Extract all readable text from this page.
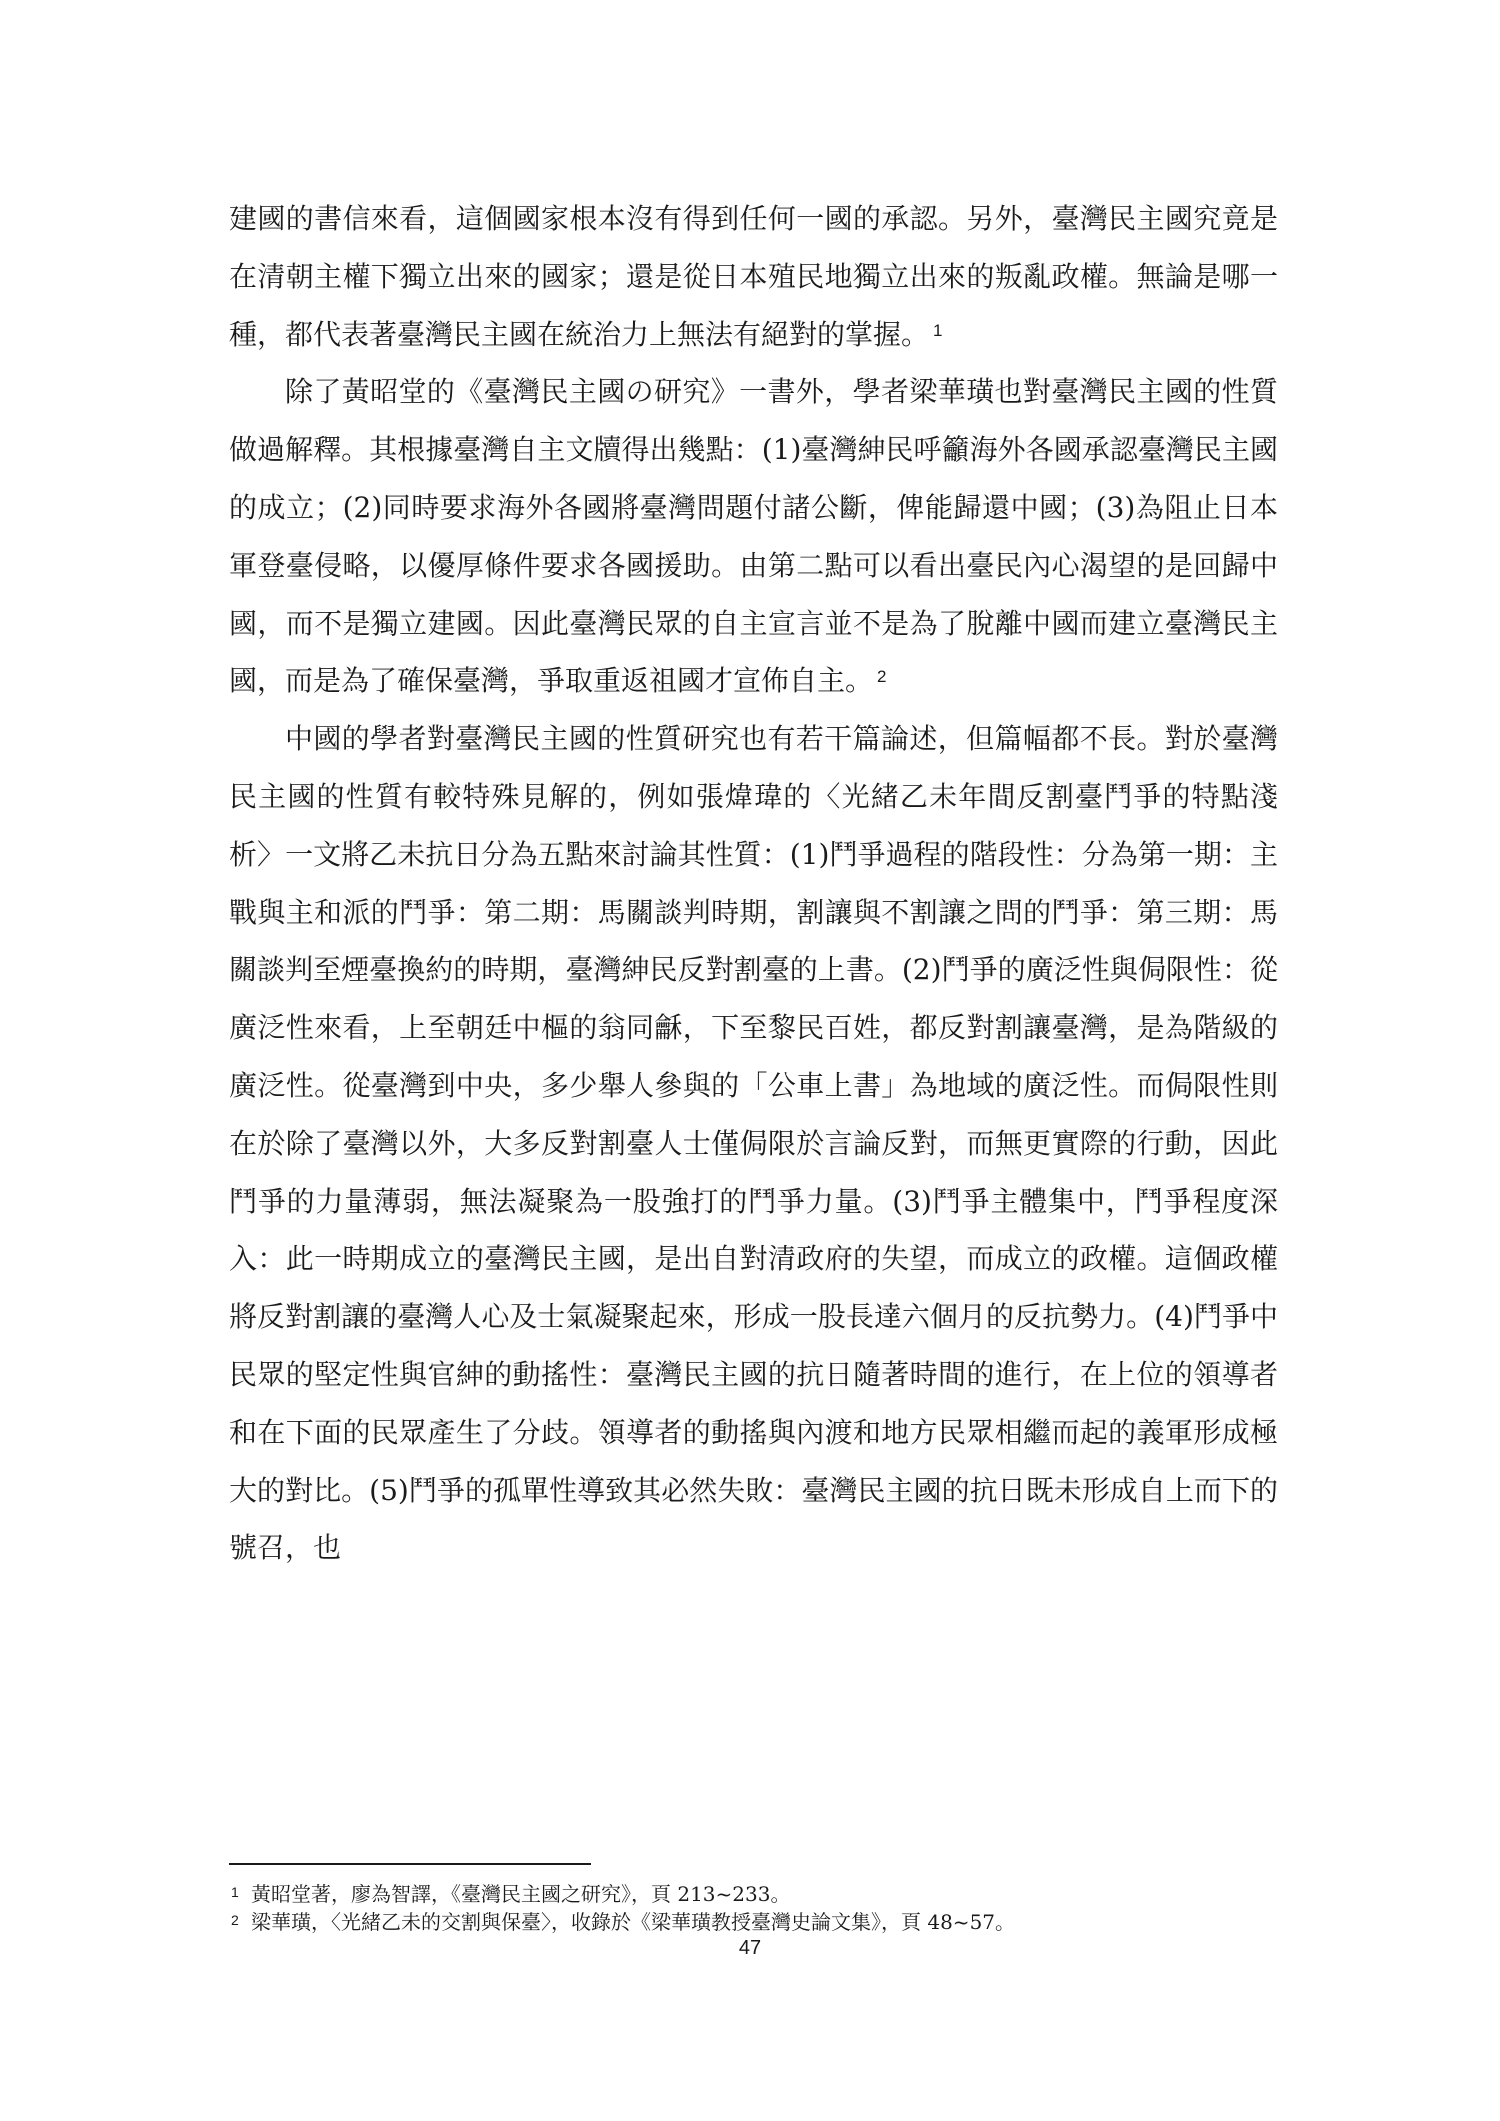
建國的書信來看，這個國家根本沒有得到任何一國的承認。另外，臺灣民主國究竟是在清朝主權下獨立出來的國家；還是從日本殖民地獨立出來的叛亂政權。無論是哪一種，都代表著臺灣民主國在統治力上無法有絕對的掌握。 $^1$

除了黃昭堂的《臺灣民主國の研究》一書外，學者梁華璜也對臺灣民主國的性質做過解釋。其根據臺灣自主文牘得出幾點：(1)臺灣紳民呼籲海外各國承認臺灣民主國的成立；(2)同時要求海外各國將臺灣問題付諸公斷，俾能歸還中國；(3)為阻止日本軍登臺侵略，以優厚條件要求各國援助。由第二點可以看出臺民內心渴望的是回歸中國，而不是獨立建國。因此臺灣民眾的自主宣言並不是為了脫離中國而建立臺灣民主國，而是為了確保臺灣，爭取重返祖國才宣佈自主。 $^2$

中國的學者對臺灣民主國的性質研究也有若干篇論述，但篇幅都不長。對於臺灣民主國的性質有較特殊見解的，例如張煒瑋的〈光緒乙未年間反割臺鬥爭的特點淺析〉一文將乙未抗日分為五點來討論其性質：(1)鬥爭過程的階段性：分為第一期：主戰與主和派的鬥爭：第二期：馬關談判時期，割讓與不割讓之問的鬥爭：第三期：馬關談判至煙臺換約的時期，臺灣紳民反對割臺的上書。(2)鬥爭的廣泛性與侷限性：從廣泛性來看，上至朝廷中樞的翁同龢，下至黎民百姓，都反對割讓臺灣，是為階級的廣泛性。從臺灣到中央，多少舉人參與的「公車上書」為地域的廣泛性。而侷限性則在於除了臺灣以外，大多反對割臺人士僅侷限於言論反對，而無更實際的行動，因此鬥爭的力量薄弱，無法凝聚為一股強打的鬥爭力量。(3)鬥爭主體集中，鬥爭程度深入：此一時期成立的臺灣民主國，是出自對清政府的失望，而成立的政權。這個政權將反對割讓的臺灣人心及士氣凝聚起來，形成一股長達六個月的反抗勢力。(4)鬥爭中民眾的堅定性與官紳的動搖性：臺灣民主國的抗日隨著時間的進行，在上位的領導者和在下面的民眾產生了分歧。領導者的動搖與內渡和地方民眾相繼而起的義軍形成極大的對比。(5)鬥爭的孤單性導致其必然失敗：臺灣民主國的抗日既未形成自上而下的號召，也

1 黃昭堂著，廖為智譯，《臺灣民主國之研究》，頁 213~233。
2 梁華璜，〈光緒乙未的交割與保臺〉，收錄於《梁華璜教授臺灣史論文集》，頁 48~57。
47
